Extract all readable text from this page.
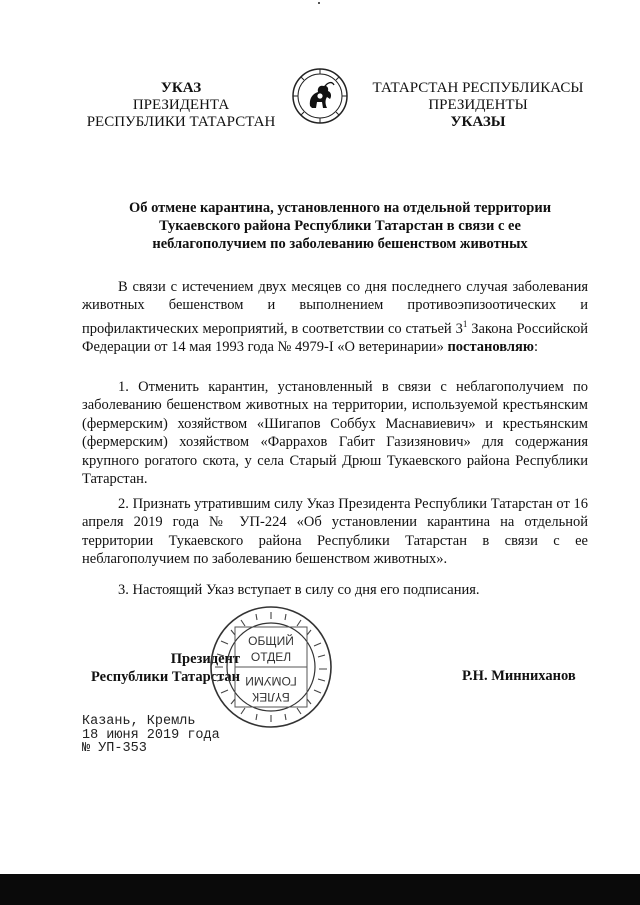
УКАЗ
ПРЕЗИДЕНТА
РЕСПУБЛИКИ ТАТАРСТАН
ТАТАРСТАН РЕСПУБЛИКАСЫ
ПРЕЗИДЕНТЫ
УКАЗЫ
Об отмене карантина, установленного на отдельной территории
Тукаевского района Республики Татарстан в связи с ее
неблагополучием по заболеванию бешенством животных
В связи с истечением двух месяцев со дня последнего случая заболевания животных бешенством и выполнением противоэпизоотических и профилактических мероприятий, в соответствии со статьей $3^1$ Закона Российской Федерации от 14 мая 1993 года № 4979-I «О ветеринарии» постановляю:
1. Отменить карантин, установленный в связи с неблагополучием по заболеванию бешенством животных на территории, используемой крестьянским (фермерским) хозяйством «Шигапов Соббух Маснавиевич» и крестьянским (фермерским) хозяйством «Фаррахов Габит Газизянович» для содержания крупного рогатого скота, у села Старый Дрюш Тукаевского района Республики Татарстан.
2. Признать утратившим силу Указ Президента Республики Татарстан от 16 апреля 2019 года № УП-224 «Об установлении карантина на отдельной территории Тукаевского района Республики Татарстан в связи с ее неблагополучием по заболеванию бешенством животных».
3. Настоящий Указ вступает в силу со дня его подписания.
Президент
Республики Татарстан
ОБЩИЙ
ОТДЕЛ
ГОМУМИ
БҮЛЕК
Р.Н. Минниханов
Казань, Кремль
18 июня 2019 года
№ УП-353
